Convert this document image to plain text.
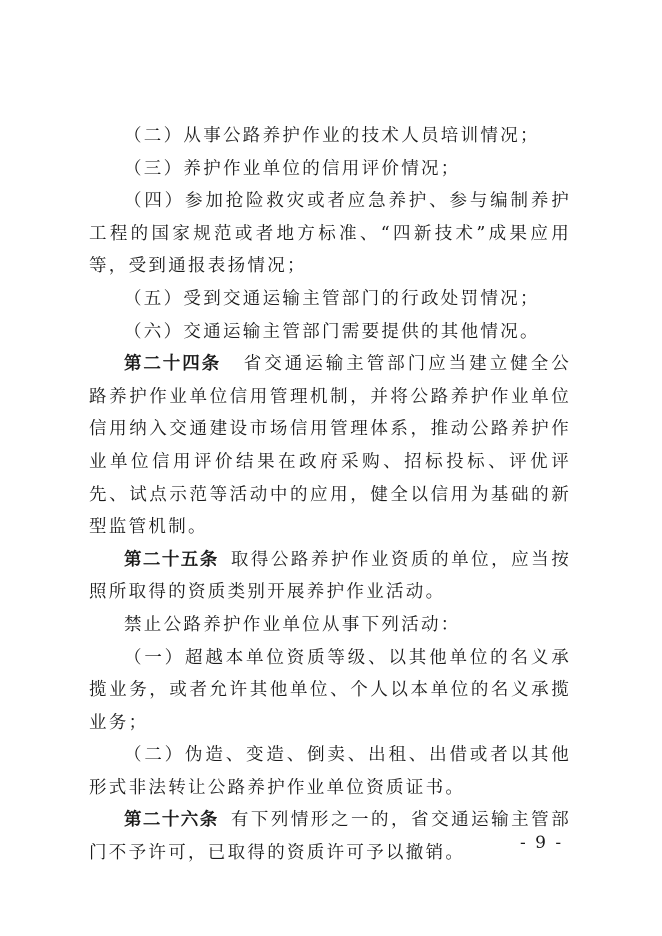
（二）从事公路养护作业的技术人员培训情况；

（三）养护作业单位的信用评价情况；

（四）参加抢险救灾或者应急养护、参与编制养护工程的国家规范或者地方标准、“四新技术”成果应用等，受到通报表扬情况；

（五）受到交通运输主管部门的行政处罚情况；

（六）交通运输主管部门需要提供的其他情况。

第二十四条 省交通运输主管部门应当建立健全公路养护作业单位信用管理机制，并将公路养护作业单位信用纳入交通建设市场信用管理体系，推动公路养护作业单位信用评价结果在政府采购、招标投标、评优评先、试点示范等活动中的应用，健全以信用为基础的新型监管机制。

第二十五条 取得公路养护作业资质的单位，应当按照所取得的资质类别开展养护作业活动。

禁止公路养护作业单位从事下列活动：

（一）超越本单位资质等级、以其他单位的名义承揽业务，或者允许其他单位、个人以本单位的名义承揽业务；

（二）伪造、变造、倒卖、出租、出借或者以其他形式非法转让公路养护作业单位资质证书。

第二十六条 有下列情形之一的，省交通运输主管部门不予许可，已取得的资质许可予以撤销。

- 9 -
